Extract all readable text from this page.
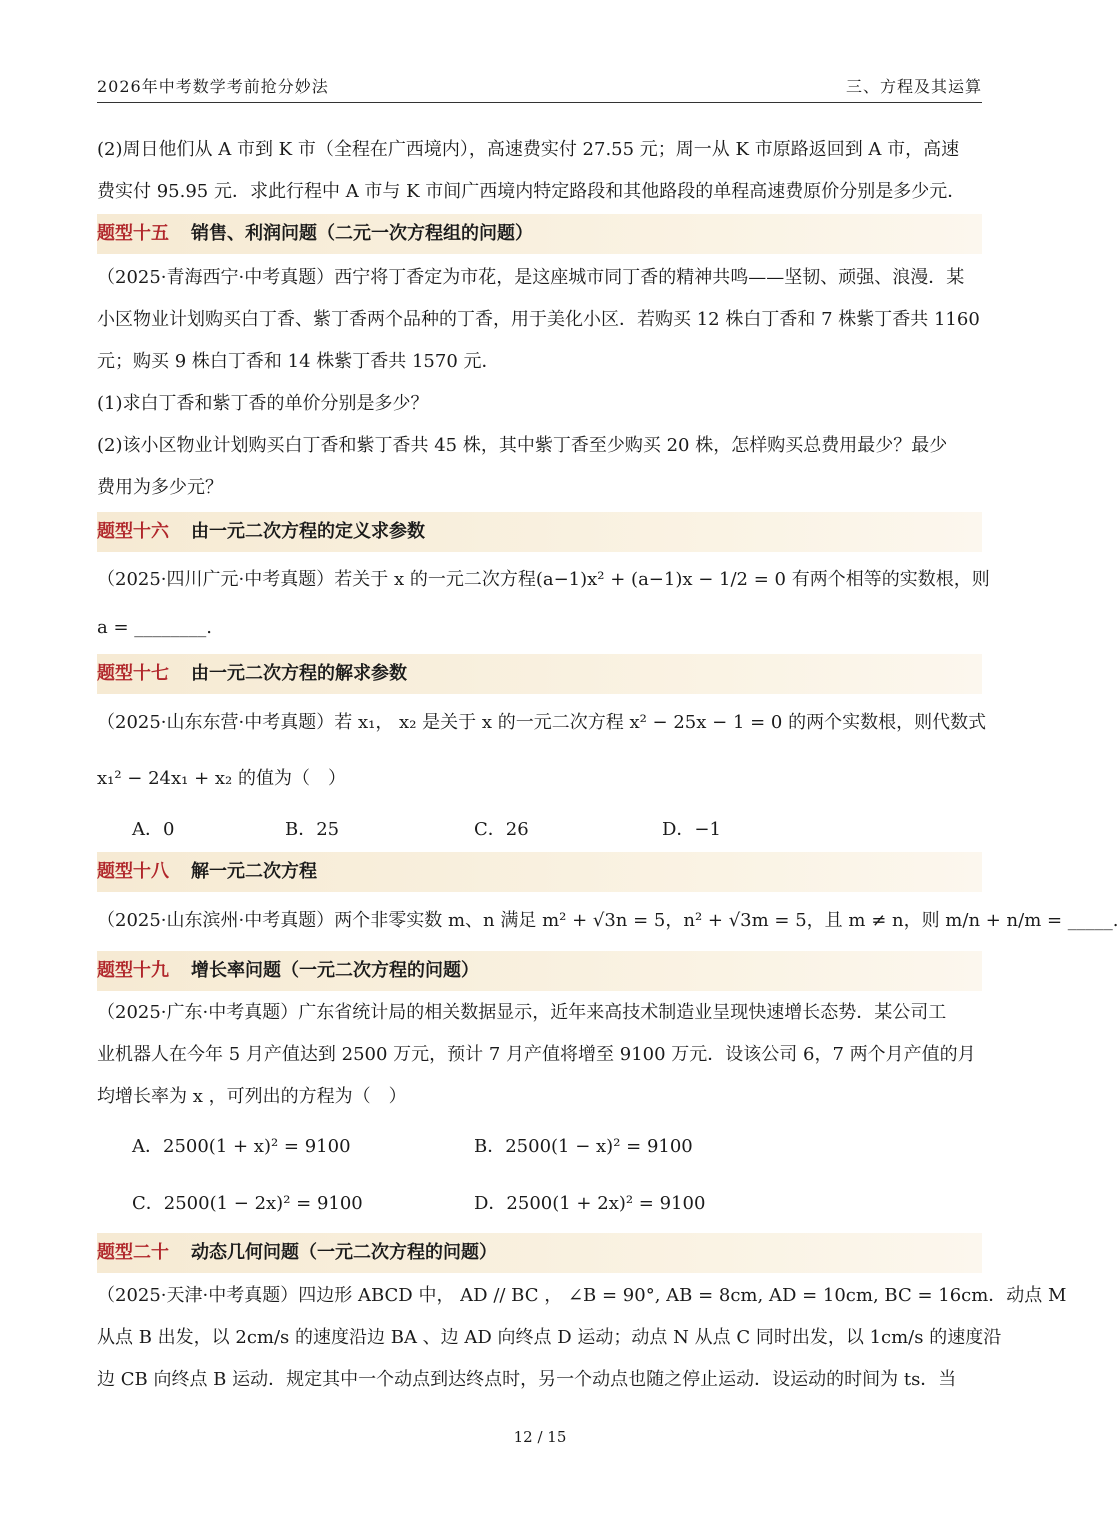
2026年中考数学考前抢分妙法	三、方程及其运算

(2)周日他们从 A 市到 K 市（全程在广西境内），高速费实付 27.55 元；周一从 K 市原路返回到 A 市，高速

费实付 95.95 元．求此行程中 A 市与 K 市间广西境内特定路段和其他路段的单程高速费原价分别是多少元．

题型十五 销售、利润问题（二元一次方程组的问题）

（2025·青海西宁·中考真题）西宁将丁香定为市花，是这座城市同丁香的精神共鸣——坚韧、顽强、浪漫．某

小区物业计划购买白丁香、紫丁香两个品种的丁香，用于美化小区．若购买 12 株白丁香和 7 株紫丁香共 1160

元；购买 9 株白丁香和 14 株紫丁香共 1570 元．

(1)求白丁香和紫丁香的单价分别是多少？

(2)该小区物业计划购买白丁香和紫丁香共 45 株，其中紫丁香至少购买 20 株，怎样购买总费用最少？最少

费用为多少元？

题型十六 由一元二次方程的定义求参数

（2025·四川广元·中考真题）若关于 x 的一元二次方程(a−1)x² + (a−1)x − 1/2 = 0 有两个相等的实数根，则

a = ________.

题型十七 由一元二次方程的解求参数

（2025·山东东营·中考真题）若 x₁， x₂ 是关于 x 的一元二次方程 x² − 25x − 1 = 0 的两个实数根，则代数式

x₁² − 24x₁ + x₂ 的值为（　）

A．0	B．25	C．26	D．−1
题型十八 解一元二次方程

（2025·山东滨州·中考真题）两个非零实数 m、n 满足 m² + √3n = 5，n² + √3m = 5，且 m ≠ n，则 m/n + n/m = _____.

题型十九 增长率问题（一元二次方程的问题）

（2025·广东·中考真题）广东省统计局的相关数据显示，近年来高技术制造业呈现快速增长态势．某公司工

业机器人在今年 5 月产值达到 2500 万元，预计 7 月产值将增至 9100 万元．设该公司 6，7 两个月产值的月

均增长率为 x ，可列出的方程为（　）

A．2500(1 + x)² = 9100	B．2500(1 − x)² = 9100
C．2500(1 − 2x)² = 9100	D．2500(1 + 2x)² = 9100
题型二十 动态几何问题（一元二次方程的问题）

（2025·天津·中考真题）四边形 ABCD 中， AD // BC ， ∠B = 90°, AB = 8cm, AD = 10cm, BC = 16cm．动点 M

从点 B 出发，以 2cm/s 的速度沿边 BA 、边 AD 向终点 D 运动；动点 N 从点 C 同时出发，以 1cm/s 的速度沿

边 CB 向终点 B 运动．规定其中一个动点到达终点时，另一个动点也随之停止运动．设运动的时间为 ts．当

12 / 15
